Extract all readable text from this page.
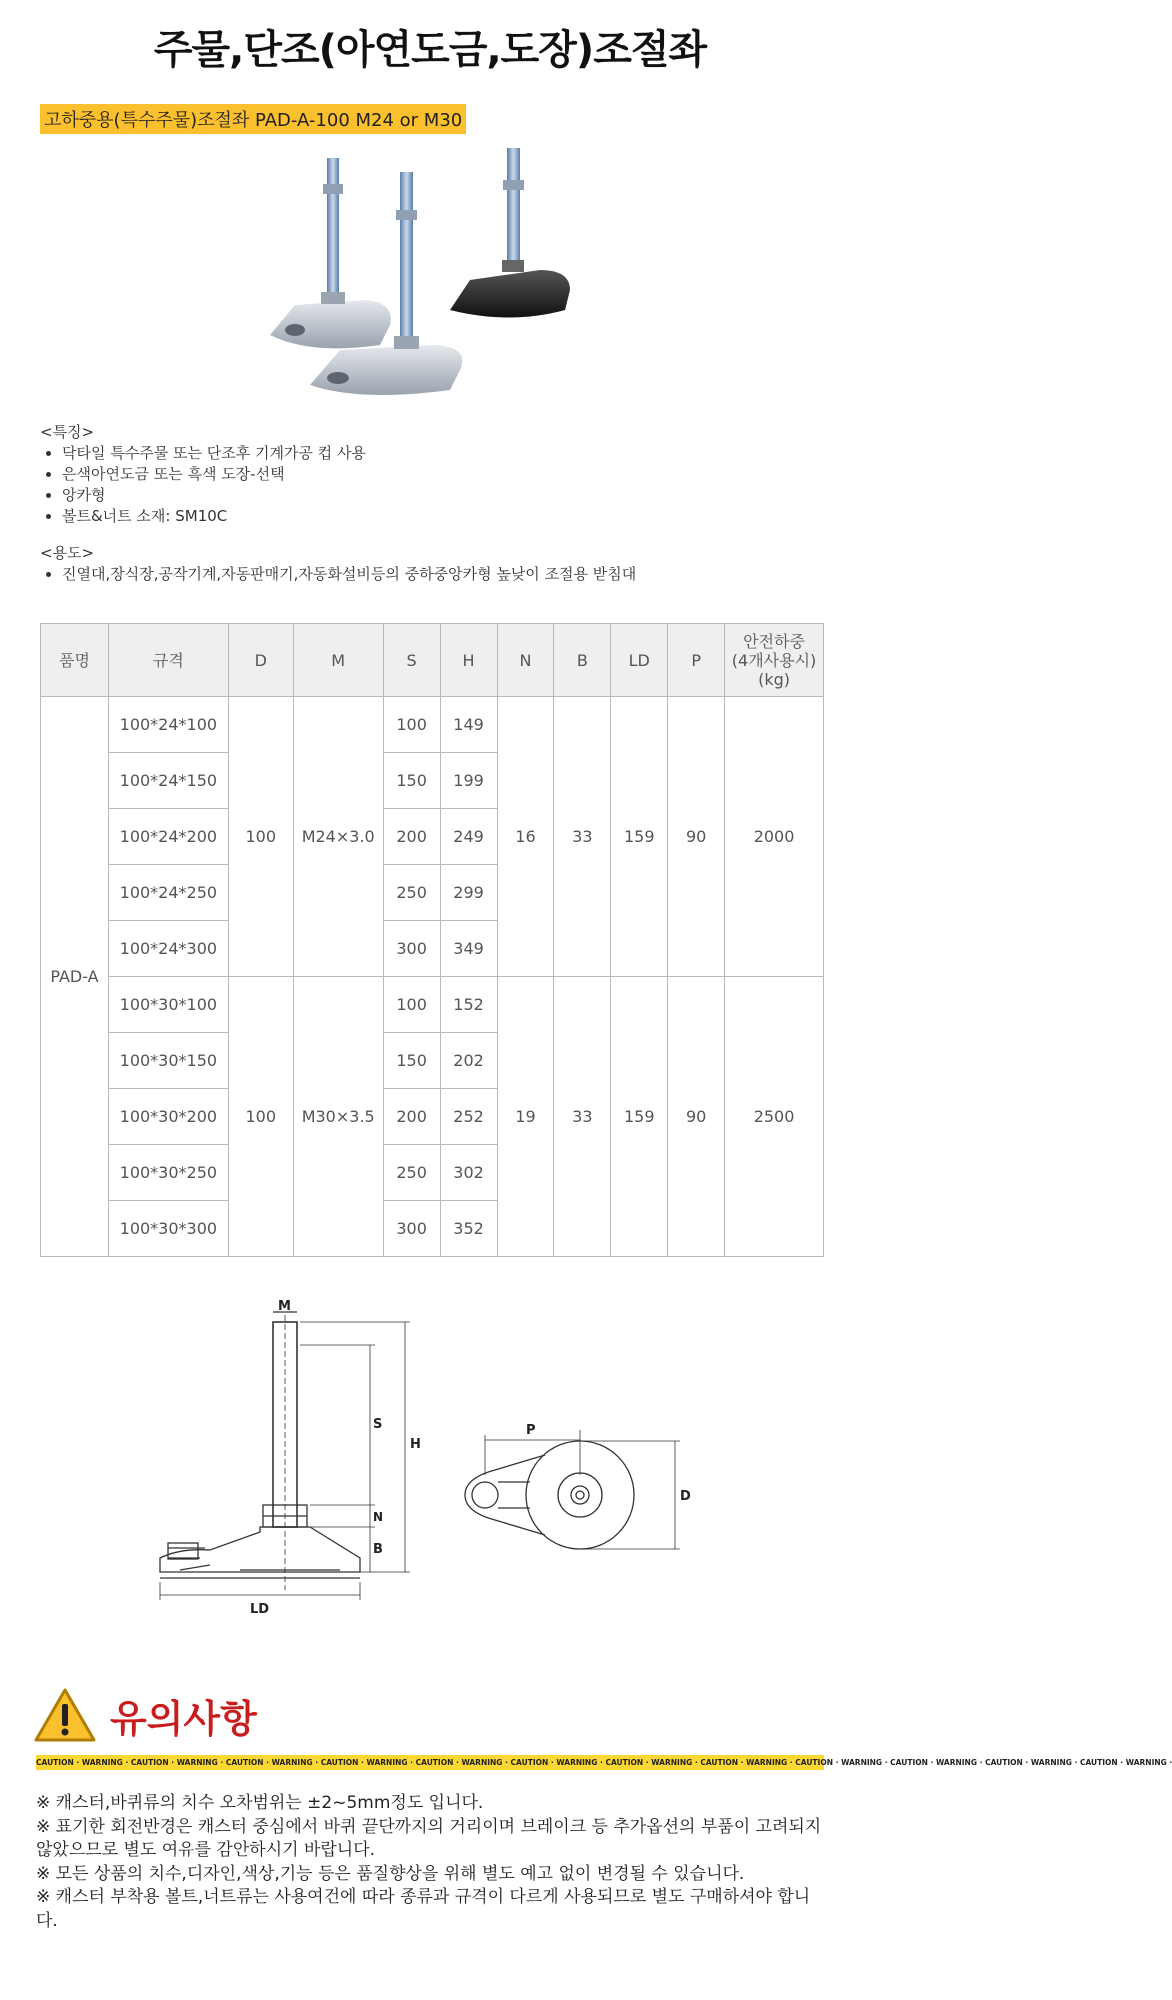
주물,단조(아연도금,도장)조절좌
고하중용(특수주물)조절좌 PAD-A-100 M24 or M30
<특징>
• 닥타일 특수주물 또는 단조후 기계가공 컵 사용
• 은색아연도금 또는 흑색 도장-선택
• 앙카형
• 볼트&너트 소재: SM10C
<용도>
• 진열대,장식장,공작기계,자동판매기,자동화설비등의 중하중앙카형 높낮이 조절용 받침대
품명	규격	D	M	S	H	N	B	LD	P	안전하중
(4개사용시)
(kg)
PAD-A	100*24*100	100	M24×3.0	100	149	16	33	159	90	2000
	100*24*150			150	199					
	100*24*200			200	249					
	100*24*250			250	299					
	100*24*300			300	349					
	100*30*100	100	M30×3.5	100	152	19	33	159	90	2500
	100*30*150			150	202					
	100*30*200			200	252					
	100*30*250			250	302					
	100*30*300			300	352					
M
S
H
N
B
LD
P
D
유의사항
CAUTION · WARNING · CAUTION · WARNING · CAUTION · WARNING · CAUTION · WARNING · CAUTION · WARNING · CAUTION · WARNING · CAUTION · WARNING · CAUTION · WARNING · CAUTION · WARNING · CAUTION · WARNING · CAUTION · WARNING · CAUTION · WARNING ·

※ 캐스터,바퀴류의 치수 오차범위는 ±2~5mm정도 입니다.

※ 표기한 회전반경은 캐스터 중심에서 바퀴 끝단까지의 거리이며 브레이크 등 추가옵션의 부품이 고려되지 않았으므로 별도 여유를 감안하시기 바랍니다.

※ 모든 상품의 치수,디자인,색상,기능 등은 품질향상을 위해 별도 예고 없이 변경될 수 있습니다.

※ 캐스터 부착용 볼트,너트류는 사용여건에 따라 종류과 규격이 다르게 사용되므로 별도 구매하셔야 합니다.
